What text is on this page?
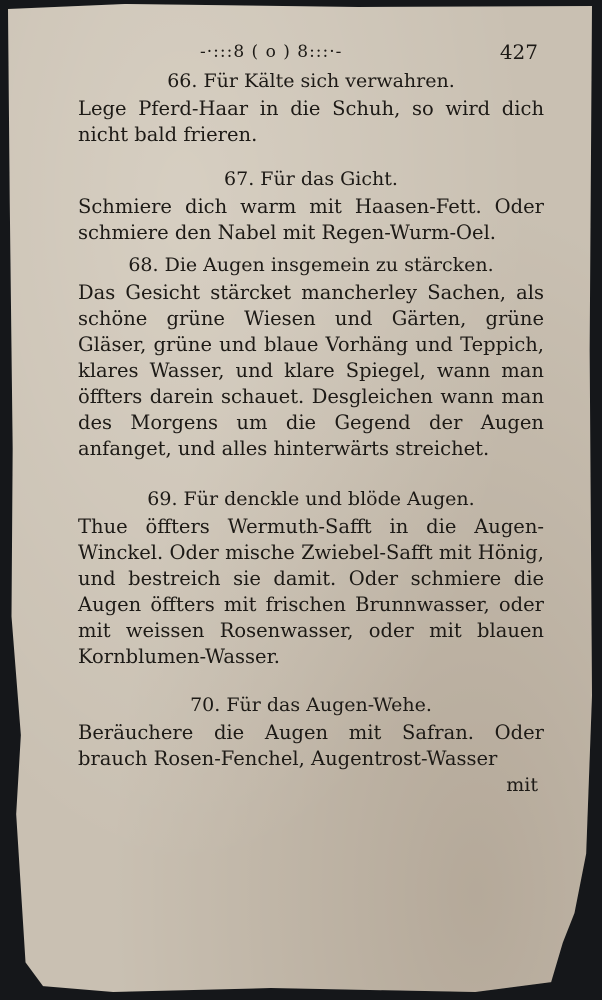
-·:::8 ( o ) 8:::·-	427

66. Für Kälte sich verwahren.

Lege Pferd-Haar in die Schuh, so wird dich nicht bald frieren.

67. Für das Gicht.

Schmiere dich warm mit Haasen-Fett. Oder schmiere den Nabel mit Regen-Wurm-Oel.

68. Die Augen insgemein zu stärcken.

Das Gesicht stärcket mancherley Sachen, als schöne grüne Wiesen und Gärten, grüne Gläser, grüne und blaue Vorhäng und Teppich, klares Wasser, und klare Spiegel, wann man öffters darein schauet. Desgleichen wann man des Morgens um die Gegend der Augen anfanget, und alles hinterwärts streichet.

69. Für denckle und blöde Augen.

Thue öffters Wermuth-Safft in die Augen-Winckel. Oder mische Zwiebel-Safft mit Hönig, und bestreich sie damit. Oder schmiere die Augen öffters mit frischen Brunnwasser, oder mit weissen Rosenwasser, oder mit blauen Kornblumen-Wasser.

70. Für das Augen-Wehe.

Beräuchere die Augen mit Safran. Oder brauch Rosen-Fenchel, Augentrost-Wasser

mit
